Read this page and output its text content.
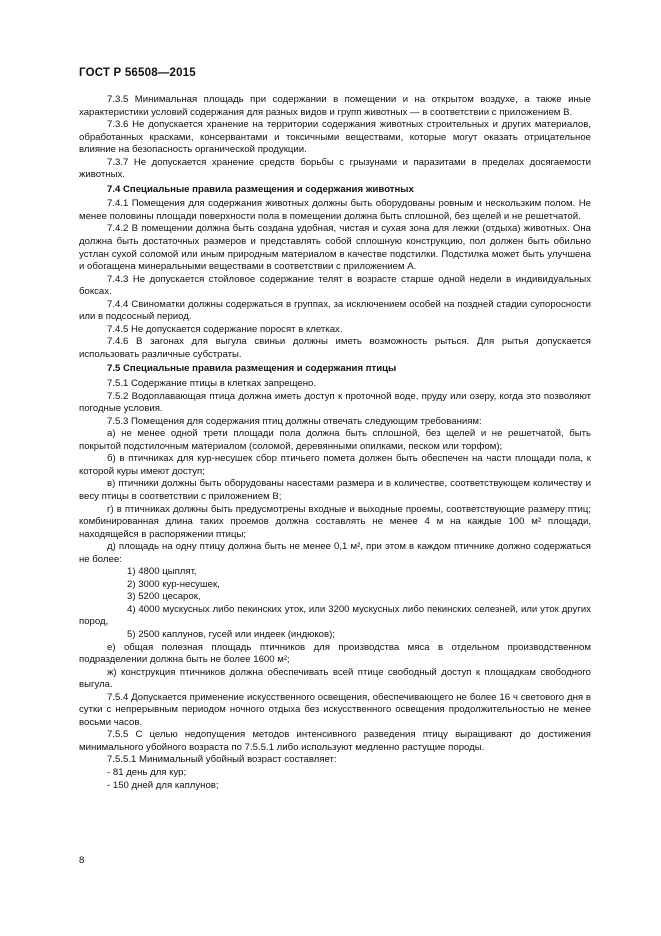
ГОСТ Р 56508—2015

7.3.5 Минимальная площадь при содержании в помещении и на открытом воздухе, а также иные характеристики условий содержания для разных видов и групп животных — в соответствии с приложением В.

7.3.6 Не допускается хранение на территории содержания животных строительных и других материалов, обработанных красками, консервантами и токсичными веществами, которые могут оказать отрицательное влияние на безопасность органической продукции.

7.3.7 Не допускается хранение средств борьбы с грызунами и паразитами в пределах досягаемости животных.

7.4 Специальные правила размещения и содержания животных

7.4.1 Помещения для содержания животных должны быть оборудованы ровным и нескользким полом. Не менее половины площади поверхности пола в помещении должна быть сплошной, без щелей и не решетчатой.

7.4.2 В помещении должна быть создана удобная, чистая и сухая зона для лежки (отдыха) животных. Она должна быть достаточных размеров и представлять собой сплошную конструкцию, пол должен быть обильно устлан сухой соломой или иным природным материалом в качестве подстилки. Подстилка может быть улучшена и обогащена минеральными веществами в соответствии с приложением А.

7.4.3 Не допускается стойловое содержание телят в возрасте старше одной недели в индивидуальных боксах.

7.4.4 Свиноматки должны содержаться в группах, за исключением особей на поздней стадии супоросности или в подсосный период.

7.4.5 Не допускается содержание поросят в клетках.

7.4.6 В загонах для выгула свиньи должны иметь возможность рыться. Для рытья допускается использовать различные субстраты.

7.5 Специальные правила размещения и содержания птицы

7.5.1 Содержание птицы в клетках запрещено.

7.5.2 Водоплавающая птица должна иметь доступ к проточной воде, пруду или озеру, когда это позволяют погодные условия.

7.5.3 Помещения для содержания птиц должны отвечать следующим требованиям:

а) не менее одной трети площади пола должна быть сплошной, без щелей и не решетчатой, быть покрытой подстилочным материалом (соломой, деревянными опилками, песком или торфом);

б) в птичниках для кур-несушек сбор птичьего помета должен быть обеспечен на части площади пола, к которой куры имеют доступ;

в) птичники должны быть оборудованы насестами размера и в количестве, соответствующем количеству и весу птицы в соответствии с приложением В;

г) в птичниках должны быть предусмотрены входные и выходные проемы, соответствующие размеру птиц; комбинированная длина таких проемов должна составлять не менее 4 м на каждые 100 м² площади, находящейся в распоряжении птицы;

д) площадь на одну птицу должна быть не менее 0,1 м², при этом в каждом птичнике должно содержаться не более:

1) 4800 цыплят,

2) 3000 кур-несушек,

3) 5200 цесарок,

4) 4000 мускусных либо пекинских уток, или 3200 мускусных либо пекинских селезней, или уток других пород,

5) 2500 каплунов, гусей или индеек (индюков);

е) общая полезная площадь птичников для производства мяса в отдельном производственном подразделении должна быть не более 1600 м²;

ж) конструкция птичников должна обеспечивать всей птице свободный доступ к площадкам свободного выгула.

7.5.4 Допускается применение искусственного освещения, обеспечивающего не более 16 ч светового дня в сутки с непрерывным периодом ночного отдыха без искусственного освещения продолжительностью не менее восьми часов.

7.5.5 С целью недопущения методов интенсивного разведения птицу выращивают до достижения минимального убойного возраста по 7.5.5.1 либо используют медленно растущие породы.

7.5.5.1 Минимальный убойный возраст составляет:

- 81 день для кур;

- 150 дней для каплунов;

8
